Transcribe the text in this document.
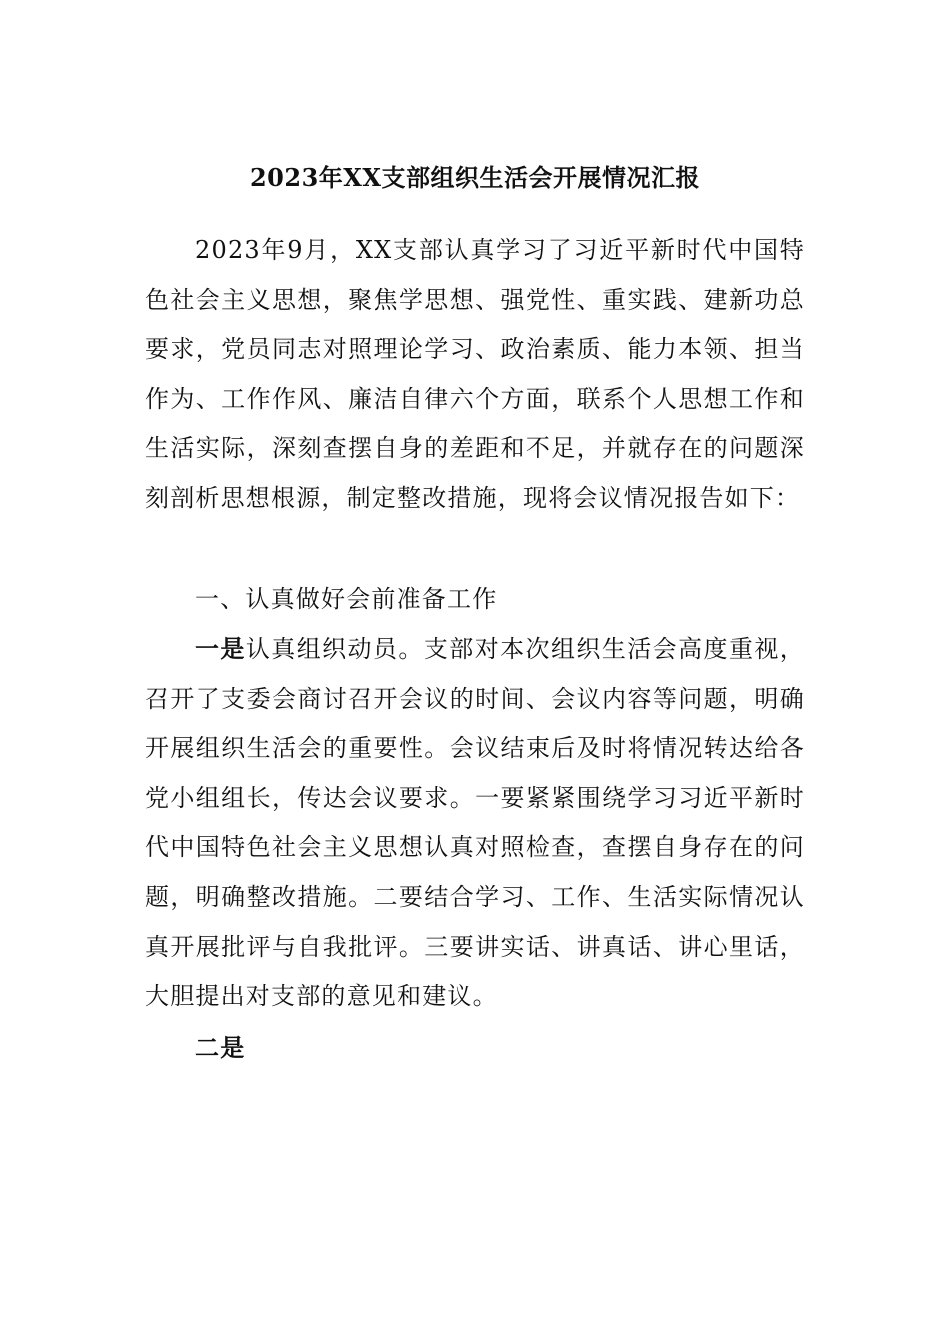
2023年XX支部组织生活会开展情况汇报

2023年9月，XX支部认真学习了习近平新时代中国特色社会主义思想，聚焦学思想、强党性、重实践、建新功总要求，党员同志对照理论学习、政治素质、能力本领、担当作为、工作作风、廉洁自律六个方面，联系个人思想工作和生活实际，深刻查摆自身的差距和不足，并就存在的问题深刻剖析思想根源，制定整改措施，现将会议情况报告如下：

一、认真做好会前准备工作

一是认真组织动员。支部对本次组织生活会高度重视，召开了支委会商讨召开会议的时间、会议内容等问题，明确开展组织生活会的重要性。会议结束后及时将情况转达给各党小组组长，传达会议要求。一要紧紧围绕学习习近平新时代中国特色社会主义思想认真对照检查，查摆自身存在的问题，明确整改措施。二要结合学习、工作、生活实际情况认真开展批评与自我批评。三要讲实话、讲真话、讲心里话，大胆提出对支部的意见和建议。

二是
